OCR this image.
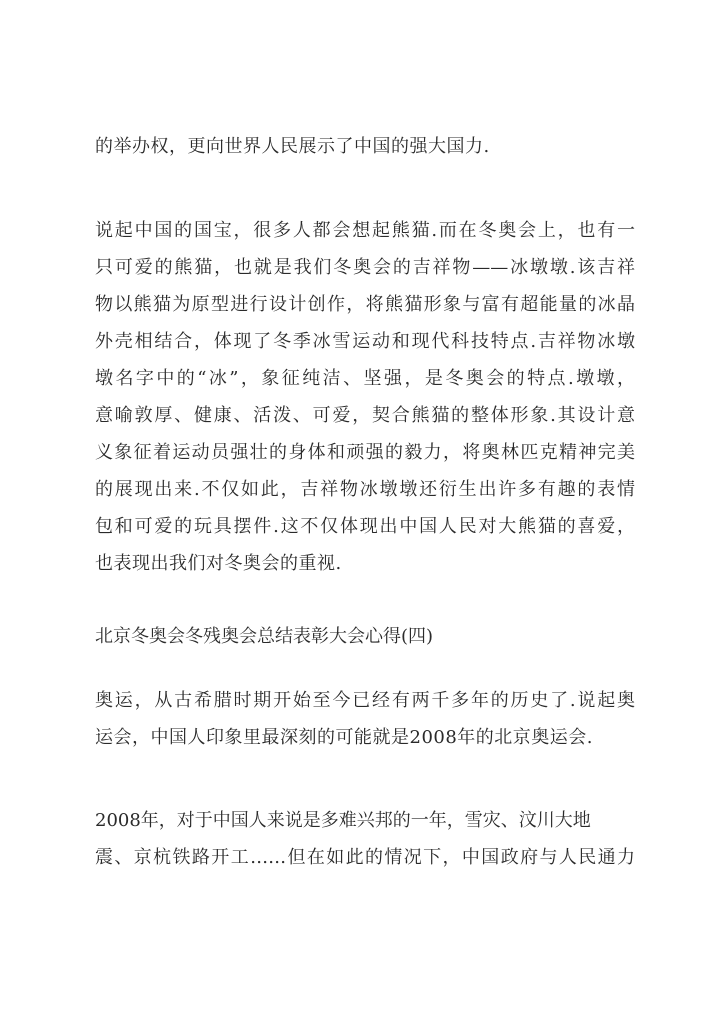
的举办权，更向世界人民展示了中国的强大国力.
说起中国的国宝，很多人都会想起熊猫.而在冬奥会上，也有一
只可爱的熊猫，也就是我们冬奥会的吉祥物——冰墩墩.该吉祥
物以熊猫为原型进行设计创作，将熊猫形象与富有超能量的冰晶
外壳相结合，体现了冬季冰雪运动和现代科技特点.吉祥物冰墩
墩名字中的“冰”，象征纯洁、坚强，是冬奥会的特点.墩墩，
意喻敦厚、健康、活泼、可爱，契合熊猫的整体形象.其设计意
义象征着运动员强壮的身体和顽强的毅力，将奥林匹克精神完美
的展现出来.不仅如此，吉祥物冰墩墩还衍生出许多有趣的表情
包和可爱的玩具摆件.这不仅体现出中国人民对大熊猫的喜爱，
也表现出我们对冬奥会的重视.
北京冬奥会冬残奥会总结表彰大会心得(四)
奥运，从古希腊时期开始至今已经有两千多年的历史了.说起奥
运会，中国人印象里最深刻的可能就是2008年的北京奥运会.
2008年，对于中国人来说是多难兴邦的一年，雪灾、汶川大地
震、京杭铁路开工……但在如此的情况下，中国政府与人民通力
